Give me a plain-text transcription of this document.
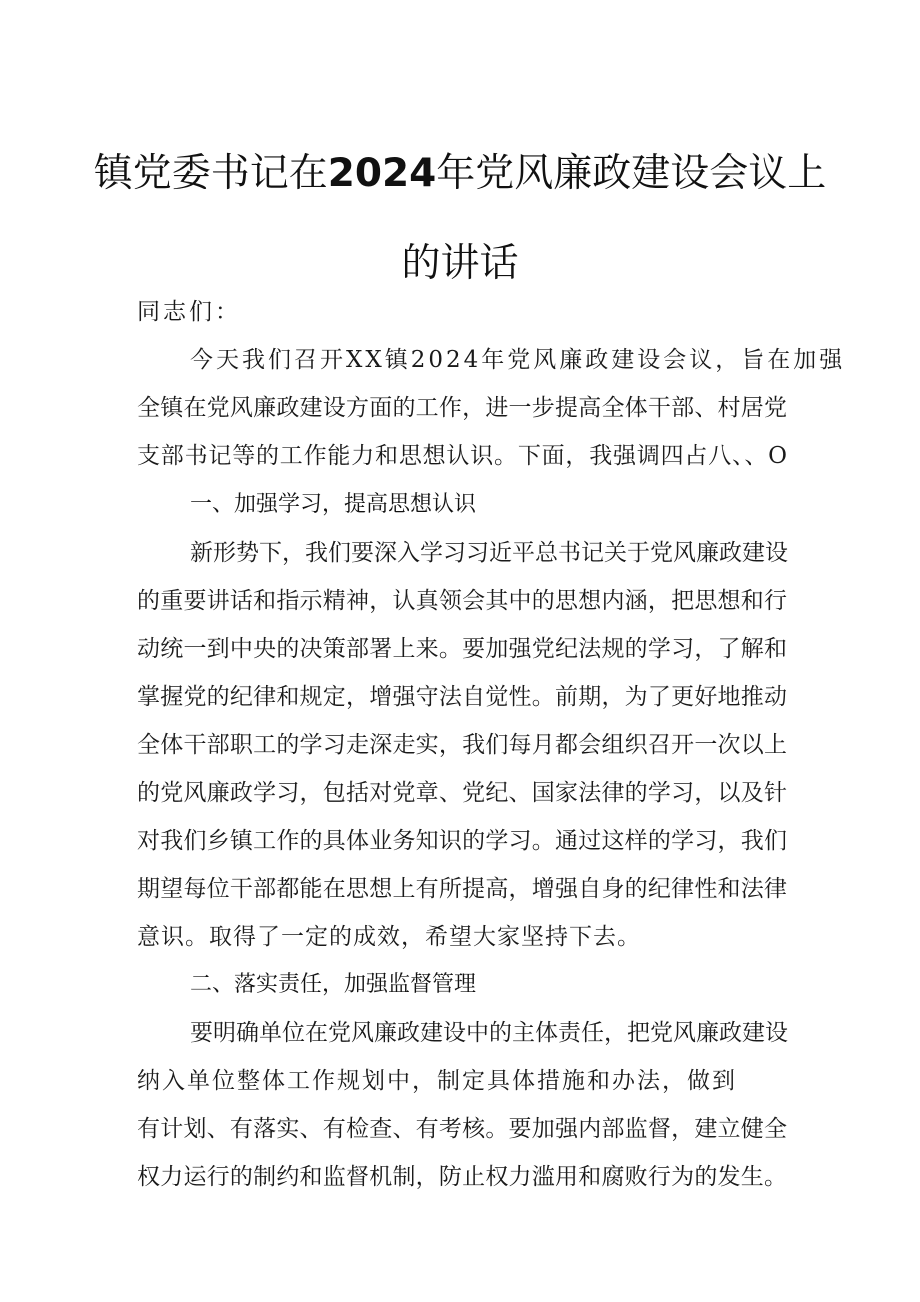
镇党委书记在2024年党风廉政建设会议上
的讲话

同志们：

今天我们召开XX镇2024年党风廉政建设会议，旨在加强

全镇在党风廉政建设方面的工作，进一步提高全体干部、村居党

支部书记等的工作能力和思想认识。下面，我强调四占八、、O

一、加强学习，提高思想认识

新形势下，我们要深入学习习近平总书记关于党风廉政建设

的重要讲话和指示精神，认真领会其中的思想内涵，把思想和行

动统一到中央的决策部署上来。要加强党纪法规的学习，了解和

掌握党的纪律和规定，增强守法自觉性。前期，为了更好地推动

全体干部职工的学习走深走实，我们每月都会组织召开一次以上

的党风廉政学习，包括对党章、党纪、国家法律的学习，以及针

对我们乡镇工作的具体业务知识的学习。通过这样的学习，我们

期望每位干部都能在思想上有所提高，增强自身的纪律性和法律

意识。取得了一定的成效，希望大家坚持下去。

二、落实责任，加强监督管理

要明确单位在党风廉政建设中的主体责任，把党风廉政建设

纳入单位整体工作规划中，制定具体措施和办法，做到

有计划、有落实、有检查、有考核。要加强内部监督，建立健全

权力运行的制约和监督机制，防止权力滥用和腐败行为的发生。
